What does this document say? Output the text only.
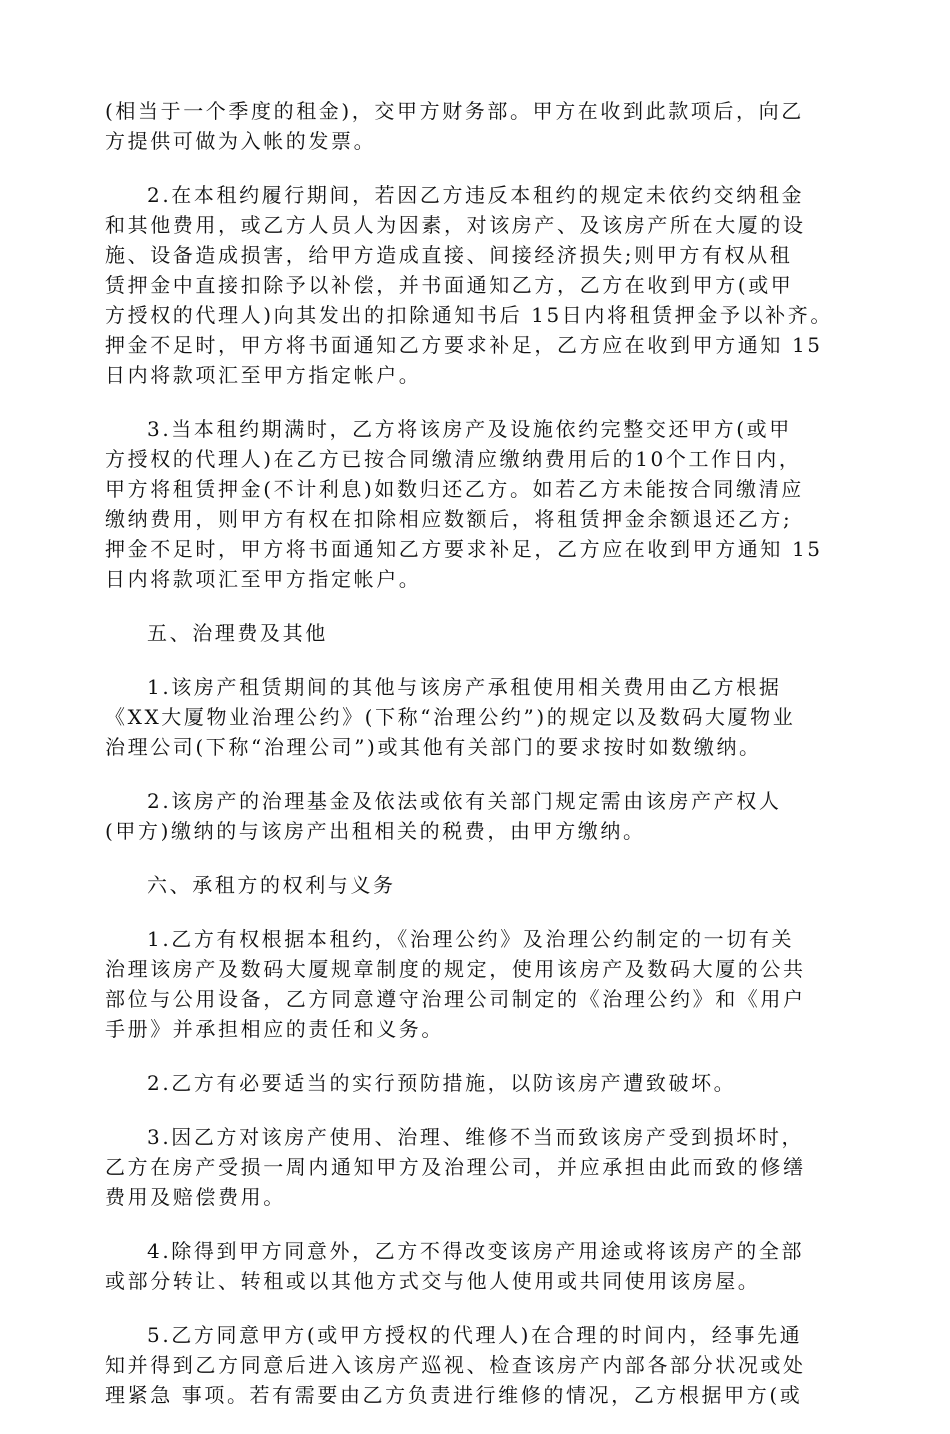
(相当于一个季度的租金)，交甲方财务部。甲方在收到此款项后，向乙
方提供可做为入帐的发票。
2.在本租约履行期间，若因乙方违反本租约的规定未依约交纳租金
和其他费用，或乙方人员人为因素，对该房产、及该房产所在大厦的设
施、设备造成损害，给甲方造成直接、间接经济损失;则甲方有权从租
赁押金中直接扣除予以补偿，并书面通知乙方，乙方在收到甲方(或甲
方授权的代理人)向其发出的扣除通知书后 15日内将租赁押金予以补齐。
押金不足时，甲方将书面通知乙方要求补足，乙方应在收到甲方通知 15
日内将款项汇至甲方指定帐户。
3.当本租约期满时，乙方将该房产及设施依约完整交还甲方(或甲
方授权的代理人)在乙方已按合同缴清应缴纳费用后的10个工作日内，
甲方将租赁押金(不计利息)如数归还乙方。如若乙方未能按合同缴清应
缴纳费用，则甲方有权在扣除相应数额后，将租赁押金余额退还乙方;
押金不足时，甲方将书面通知乙方要求补足，乙方应在收到甲方通知 15
日内将款项汇至甲方指定帐户。
五、治理费及其他
1.该房产租赁期间的其他与该房产承租使用相关费用由乙方根据
《XX大厦物业治理公约》(下称“治理公约”)的规定以及数码大厦物业
治理公司(下称“治理公司”)或其他有关部门的要求按时如数缴纳。
2.该房产的治理基金及依法或依有关部门规定需由该房产产权人
(甲方)缴纳的与该房产出租相关的税费，由甲方缴纳。
六、承租方的权利与义务
1.乙方有权根据本租约，《治理公约》及治理公约制定的一切有关
治理该房产及数码大厦规章制度的规定，使用该房产及数码大厦的公共
部位与公用设备，乙方同意遵守治理公司制定的《治理公约》和《用户
手册》并承担相应的责任和义务。
2.乙方有必要适当的实行预防措施，以防该房产遭致破坏。
3.因乙方对该房产使用、治理、维修不当而致该房产受到损坏时，
乙方在房产受损一周内通知甲方及治理公司，并应承担由此而致的修缮
费用及赔偿费用。
4.除得到甲方同意外，乙方不得改变该房产用途或将该房产的全部
或部分转让、转租或以其他方式交与他人使用或共同使用该房屋。
5.乙方同意甲方(或甲方授权的代理人)在合理的时间内，经事先通
知并得到乙方同意后进入该房产巡视、检查该房产内部各部分状况或处
理紧急 事项。若有需要由乙方负责进行维修的情况，乙方根据甲方(或
